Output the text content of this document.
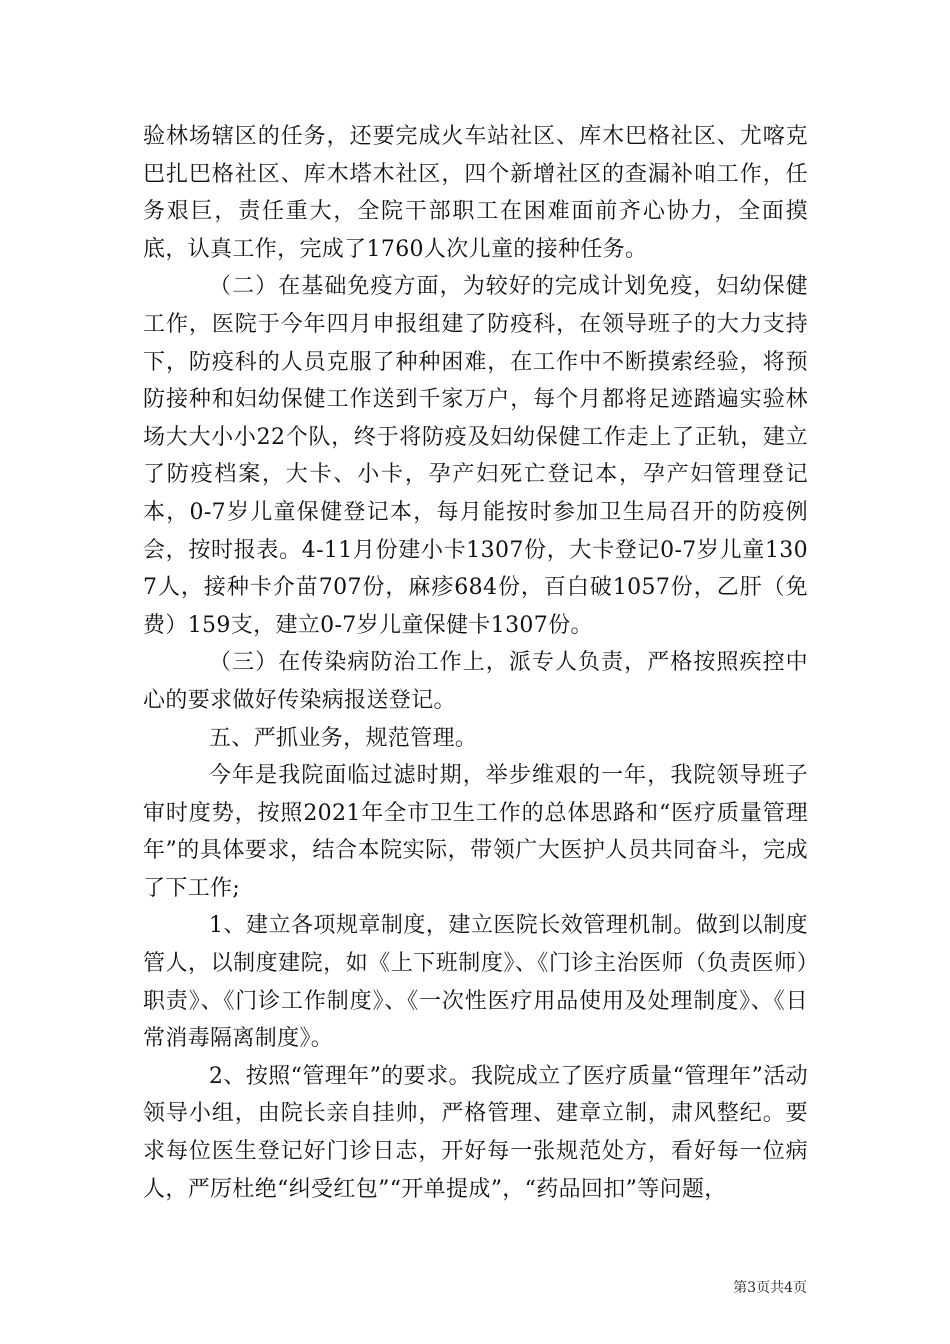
验林场辖区的任务，还要完成火车站社区、库木巴格社区、尤喀克巴扎巴格社区、库木塔木社区，四个新增社区的查漏补咱工作，任务艰巨，责任重大，全院干部职工在困难面前齐心协力，全面摸底，认真工作，完成了1760人次儿童的接种任务。

（二）在基础免疫方面，为较好的完成计划免疫，妇幼保健工作，医院于今年四月申报组建了防疫科，在领导班子的大力支持下，防疫科的人员克服了种种困难，在工作中不断摸索经验，将预防接种和妇幼保健工作送到千家万户，每个月都将足迹踏遍实验林场大大小小22个队，终于将防疫及妇幼保健工作走上了正轨，建立了防疫档案，大卡、小卡，孕产妇死亡登记本，孕产妇管理登记本，0-7岁儿童保健登记本，每月能按时参加卫生局召开的防疫例会，按时报表。4-11月份建小卡1307份，大卡登记0-7岁儿童1307人，接种卡介苗707份，麻疹684份，百白破1057份，乙肝（免费）159支，建立0-7岁儿童保健卡1307份。

（三）在传染病防治工作上，派专人负责，严格按照疾控中心的要求做好传染病报送登记。

五、严抓业务，规范管理。

今年是我院面临过滤时期，举步维艰的一年，我院领导班子审时度势，按照2021年全市卫生工作的总体思路和“医疗质量管理年”的具体要求，结合本院实际，带领广大医护人员共同奋斗，完成了下工作;

1、建立各项规章制度，建立医院长效管理机制。做到以制度管人，以制度建院，如《上下班制度》、《门诊主治医师（负责医师）职责》、《门诊工作制度》、《一次性医疗用品使用及处理制度》、《日常消毒隔离制度》。

2、按照“管理年”的要求。我院成立了医疗质量“管理年”活动领导小组，由院长亲自挂帅，严格管理、建章立制，肃风整纪。要求每位医生登记好门诊日志，开好每一张规范处方，看好每一位病人，严厉杜绝“纠受红包”“开单提成”，“药品回扣”等问题，

第3页共4页
